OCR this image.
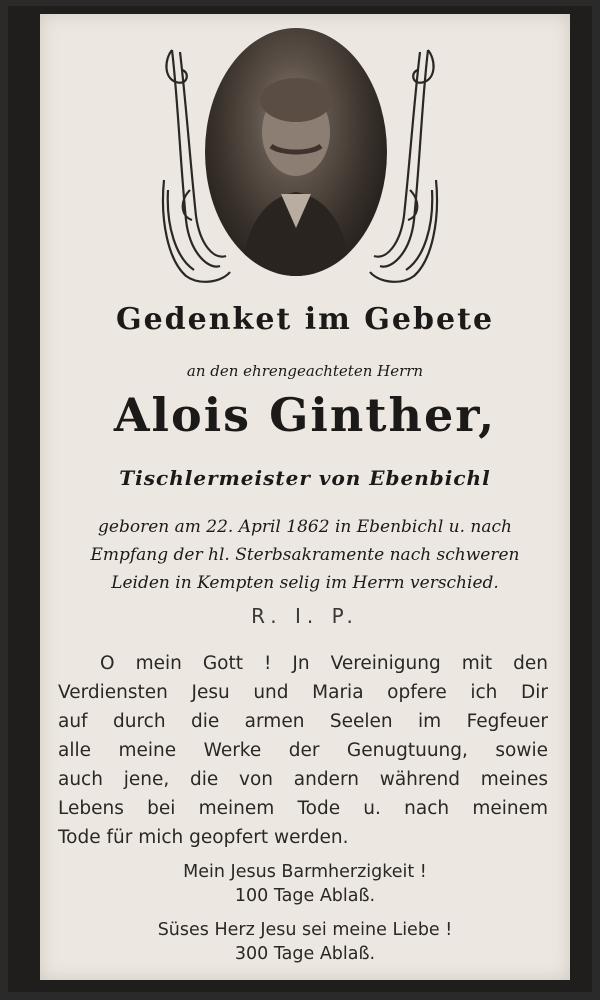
Gedenket im Gebete
an den ehrengeachteten Herrn
Alois Ginther,
Tischlermeister von Ebenbichl
geboren am 22. April 1862 in Ebenbichl u. nach
Empfang der hl. Sterbsakramente nach schweren
Leiden in Kempten selig im Herrn verschied.
R. I. P.
O mein Gott ! Jn Vereinigung mit den
Verdiensten Jesu und Maria opfere ich Dir
auf durch die armen Seelen im Fegfeuer
alle meine Werke der Genugtuung, sowie
auch jene, die von andern während meines
Lebens bei meinem Tode u. nach meinem
Tode für mich geopfert werden.
Mein Jesus Barmherzigkeit !
100 Tage Ablaß.
Süses Herz Jesu sei meine Liebe !
300 Tage Ablaß.
